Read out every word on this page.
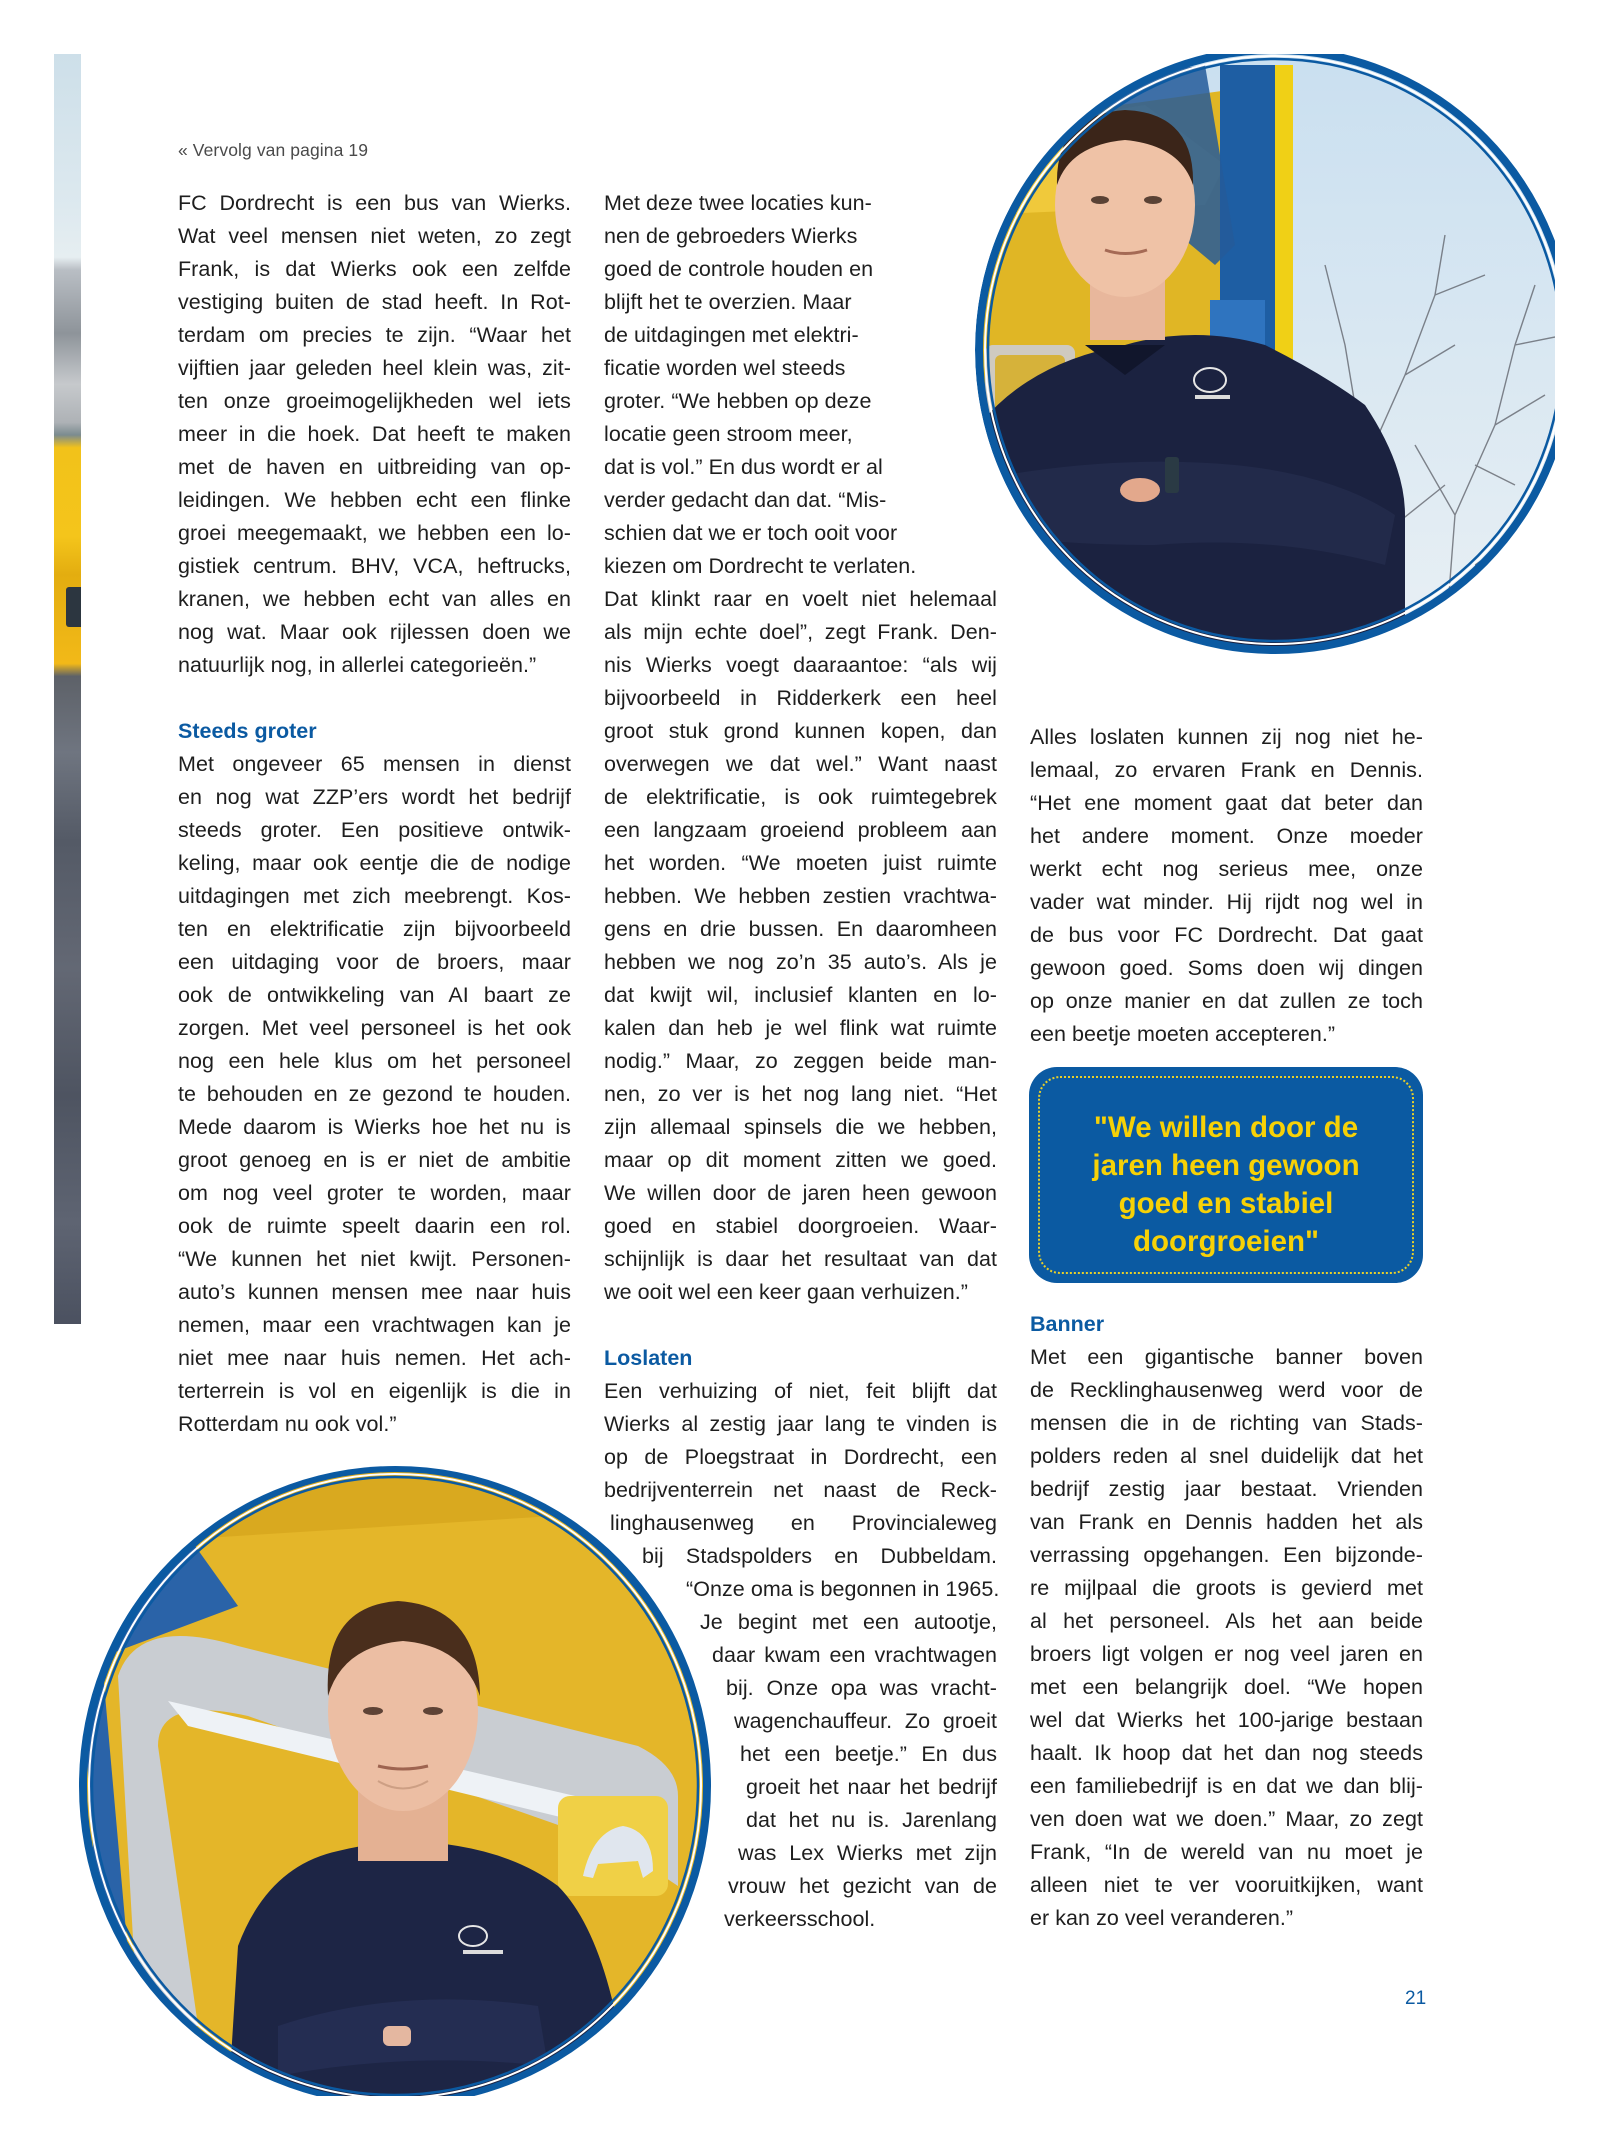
« Vervolg van pagina 19
FC Dordrecht is een bus van Wierks.
Wat veel mensen niet weten, zo zegt
Frank, is dat Wierks ook een zelfde
vestiging buiten de stad heeft. In Rot-
terdam om precies te zijn. “Waar het
vijftien jaar geleden heel klein was, zit-
ten onze groeimogelijkheden wel iets
meer in die hoek. Dat heeft te maken
met de haven en uitbreiding van op-
leidingen. We hebben echt een flinke
groei meegemaakt, we hebben een lo-
gistiek centrum. BHV, VCA, heftrucks,
kranen, we hebben echt van alles en
nog wat. Maar ook rijlessen doen we
natuurlijk nog, in allerlei categorieën.”
Steeds groter
Met ongeveer 65 mensen in dienst
en nog wat ZZP’ers wordt het bedrijf
steeds groter. Een positieve ontwik-
keling, maar ook eentje die de nodige
uitdagingen met zich meebrengt. Kos-
ten en elektrificatie zijn bijvoorbeeld
een uitdaging voor de broers, maar
ook de ontwikkeling van AI baart ze
zorgen. Met veel personeel is het ook
nog een hele klus om het personeel
te behouden en ze gezond te houden.
Mede daarom is Wierks hoe het nu is
groot genoeg en is er niet de ambitie
om nog veel groter te worden, maar
ook de ruimte speelt daarin een rol.
“We kunnen het niet kwijt. Personen-
auto’s kunnen mensen mee naar huis
nemen, maar een vrachtwagen kan je
niet mee naar huis nemen. Het ach-
terterrein is vol en eigenlijk is die in
Rotterdam nu ook vol.”
Met deze twee locaties kun-
nen de gebroeders Wierks
goed de controle houden en
blijft het te overzien. Maar
de uitdagingen met elektri-
ficatie worden wel steeds
groter. “We hebben op deze
locatie geen stroom meer,
dat is vol.” En dus wordt er al
verder gedacht dan dat. “Mis-
schien dat we er toch ooit voor
kiezen om Dordrecht te verlaten.
Dat klinkt raar en voelt niet helemaal
als mijn echte doel”, zegt Frank. Den-
nis Wierks voegt daaraantoe: “als wij
bijvoorbeeld in Ridderkerk een heel
groot stuk grond kunnen kopen, dan
overwegen we dat wel.” Want naast
de elektrificatie, is ook ruimtegebrek
een langzaam groeiend probleem aan
het worden. “We moeten juist ruimte
hebben. We hebben zestien vrachtwa-
gens en drie bussen. En daaromheen
hebben we nog zo’n 35 auto’s. Als je
dat kwijt wil, inclusief klanten en lo-
kalen dan heb je wel flink wat ruimte
nodig.” Maar, zo zeggen beide man-
nen, zo ver is het nog lang niet. “Het
zijn allemaal spinsels die we hebben,
maar op dit moment zitten we goed.
We willen door de jaren heen gewoon
goed en stabiel doorgroeien. Waar-
schijnlijk is daar het resultaat van dat
we ooit wel een keer gaan verhuizen.”
Loslaten
Een verhuizing of niet, feit blijft dat
Wierks al zestig jaar lang te vinden is
op de Ploegstraat in Dordrecht, een
bedrijventerrein net naast de Reck-
linghausenweg en Provincialeweg
bij Stadspolders en Dubbeldam.
“Onze oma is begonnen in 1965.
Je begint met een autootje,
daar kwam een vrachtwagen
bij. Onze opa was vracht-
wagenchauffeur. Zo groeit
het een beetje.” En dus
groeit het naar het bedrijf
dat het nu is. Jarenlang
was Lex Wierks met zijn
vrouw het gezicht van de
verkeersschool.
Alles loslaten kunnen zij nog niet he-
lemaal, zo ervaren Frank en Dennis.
“Het ene moment gaat dat beter dan
het andere moment. Onze moeder
werkt echt nog serieus mee, onze
vader wat minder. Hij rijdt nog wel in
de bus voor FC Dordrecht. Dat gaat
gewoon goed. Soms doen wij dingen
op onze manier en dat zullen ze toch
een beetje moeten accepteren.”
"We willen door de
jaren heen gewoon
goed en stabiel
doorgroeien"
Banner
Met een gigantische banner boven
de Recklinghausenweg werd voor de
mensen die in de richting van Stads-
polders reden al snel duidelijk dat het
bedrijf zestig jaar bestaat. Vrienden
van Frank en Dennis hadden het als
verrassing opgehangen. Een bijzonde-
re mijlpaal die groots is gevierd met
al het personeel. Als het aan beide
broers ligt volgen er nog veel jaren en
met een belangrijk doel. “We hopen
wel dat Wierks het 100-jarige bestaan
haalt. Ik hoop dat het dan nog steeds
een familiebedrijf is en dat we dan blij-
ven doen wat we doen.” Maar, zo zegt
Frank, “In de wereld van nu moet je
alleen niet te ver vooruitkijken, want
er kan zo veel veranderen.”
21
